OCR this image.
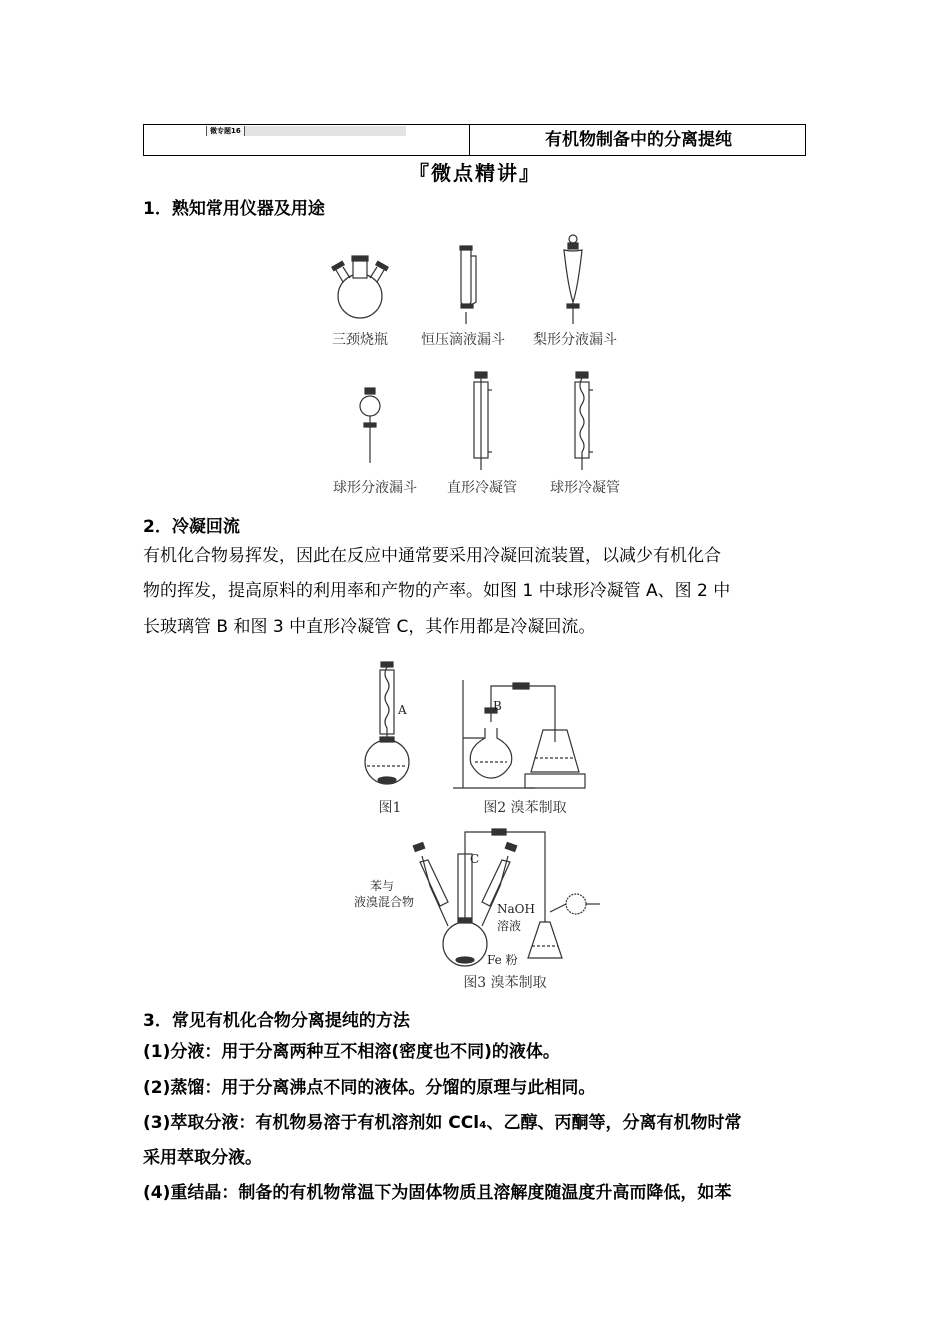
微专题16	有机物制备中的分离提纯
『微点精讲』
1．熟知常用仪器及用途
三颈烧瓶	恒压滴液漏斗	梨形分液漏斗
球形分液漏斗	直形冷凝管	球形冷凝管
2．冷凝回流
有机化合物易挥发，因此在反应中通常要采用冷凝回流装置，以减少有机化合
物的挥发，提高原料的利用率和产物的产率。如图 1 中球形冷凝管 A、图 2 中
长玻璃管 B 和图 3 中直形冷凝管 C，其作用都是冷凝回流。
A	B
图1	图2 溴苯制取
C
苯与
液溴混合物	NaOH
溶液
Fe 粉
图3 溴苯制取
3．常见有机化合物分离提纯的方法
(1)分液：用于分离两种互不相溶(密度也不同)的液体。
(2)蒸馏：用于分离沸点不同的液体。分馏的原理与此相同。
(3)萃取分液：有机物易溶于有机溶剂如 CCl₄、乙醇、丙酮等，分离有机物时常
采用萃取分液。
(4)重结晶：制备的有机物常温下为固体物质且溶解度随温度升高而降低，如苯
